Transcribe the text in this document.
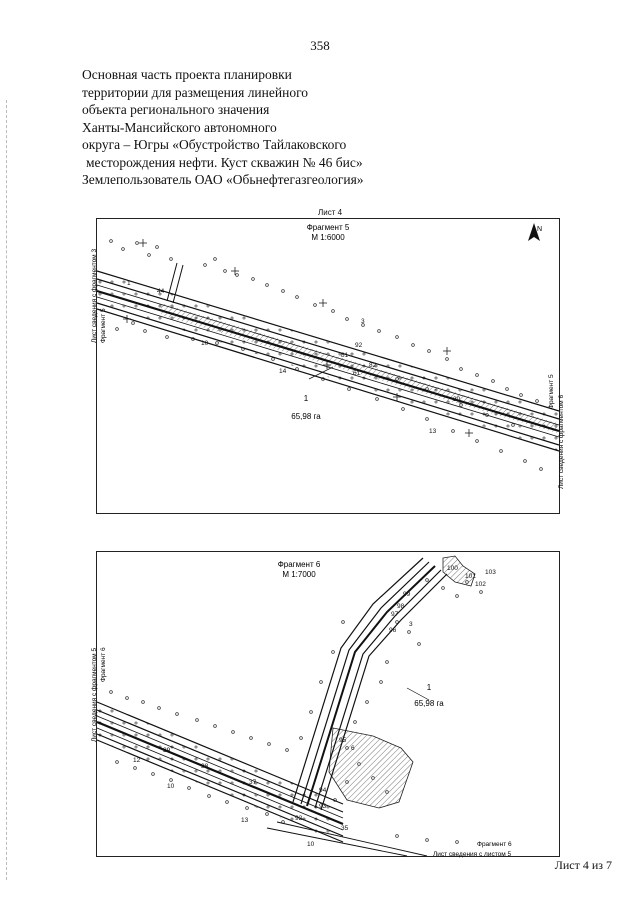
358
Основная часть проекта планировки
территории для размещения линейного
объекта регионального значения
Ханты-Мансийского автономного
округа – Югры «Обустройство Тайлаковского
месторождения нефти. Куст скважин № 46 бис»
Землепользователь ОАО «Обьнефтегазгеология»
Лист 4
N
Фрагмент 5
М 1:6000
Лист сведения с фрагментом 3 Фрагмент 5
Фрагмент 5
Лист сведения с фрагментом 6
1
65,98 га
1
44
10
14
3
13
92
81
82
61
30
Фрагмент 6
М 1:7000
Лист сведения с фрагментом 5 Фрагмент 6
Фрагмент 6
Лист сведения с листом 5
1
65,98 га
100
101
102
103
99
98
97
96
3
95
6
94
93
92
39
38
37
12
10
13
35
10
Лист 4 из 7
